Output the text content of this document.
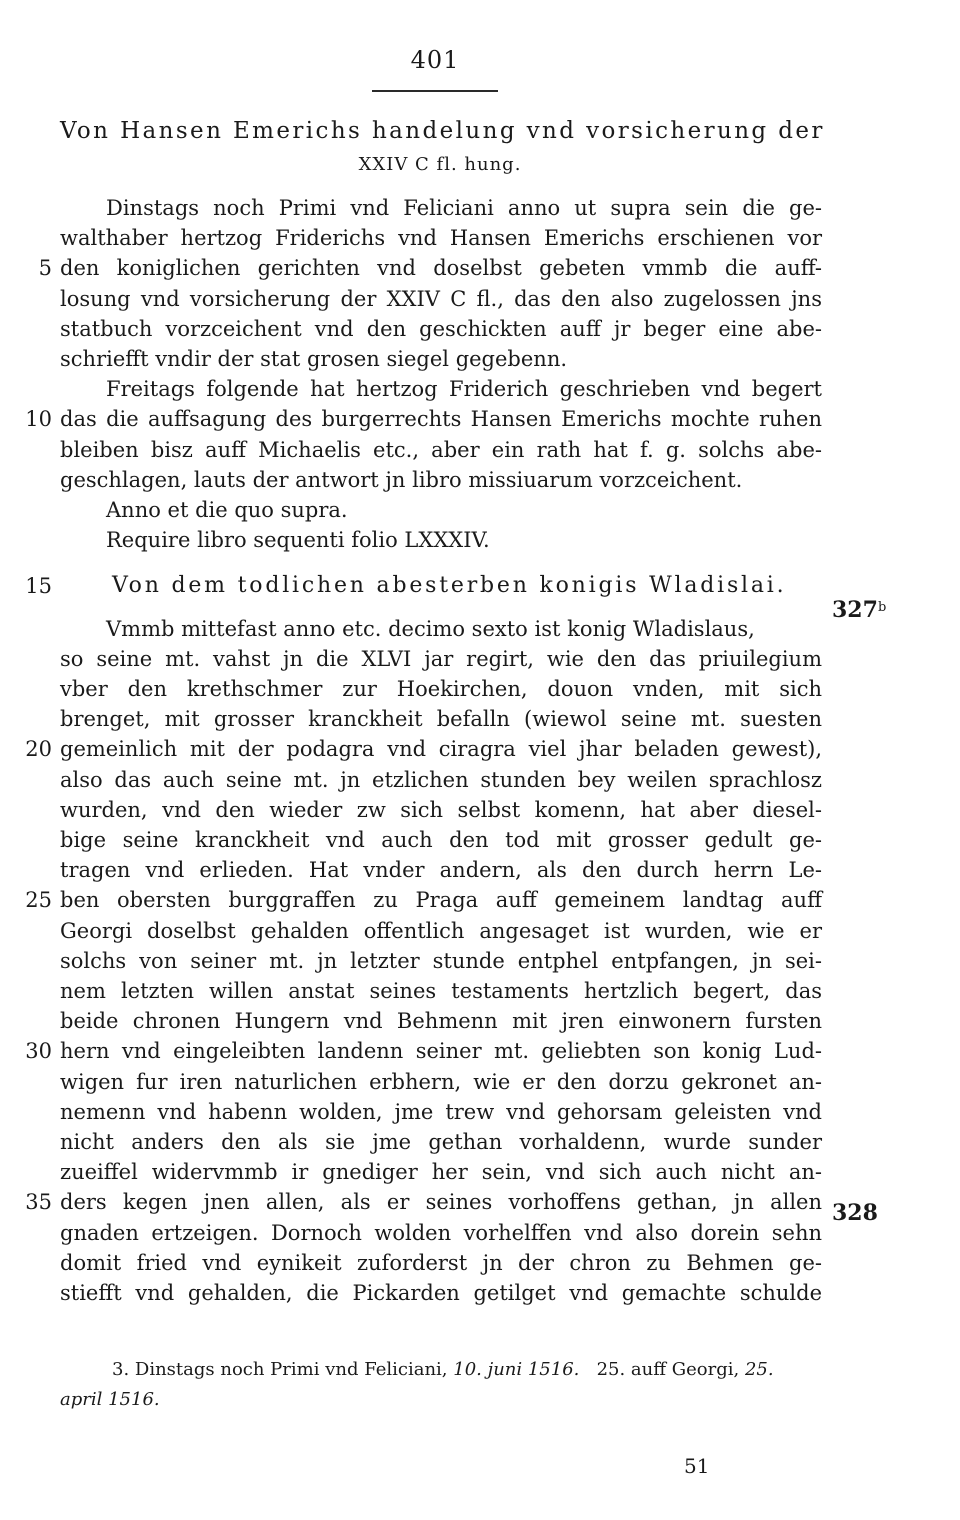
401
Von Hansen Emerichs handelung vnd vorsicherung der
XXIV C fl. hung.
Dinstags noch Primi vnd Feliciani anno ut supra sein die ge-
walthaber hertzog Friderichs vnd Hansen Emerichs erschienen vor
den koniglichen gerichten vnd doselbst gebeten vmmb die auff-
5
losung vnd vorsicherung der XXIV C fl., das den also zugelossen jns
statbuch vorzceichent vnd den geschickten auff jr beger eine abe-
schriefft vndir der stat grosen siegel gegebenn.
Freitags folgende hat hertzog Friderich geschrieben vnd begert
das die auffsagung des burgerrechts Hansen Emerichs mochte ruhen
10
bleiben bisz auff Michaelis etc., aber ein rath hat f. g. solchs abe-
geschlagen, lauts der antwort jn libro missiuarum vorzceichent.
Anno et die quo supra.
Require libro sequenti folio LXXXIV.
Von dem todlichen abesterben konigis Wladislai.
15
Vmmb mittefast anno etc. decimo sexto ist konig Wladislaus,
so seine mt. vahst jn die XLVI jar regirt, wie den das priuilegium
vber den krethschmer zur Hoekirchen, douon vnden, mit sich
brenget, mit grosser kranckheit befalln (wiewol seine mt. suesten
gemeinlich mit der podagra vnd ciragra viel jhar beladen gewest),
20
also das auch seine mt. jn etzlichen stunden bey weilen sprachlosz
wurden, vnd den wieder zw sich selbst komenn, hat aber diesel-
bige seine kranckheit vnd auch den tod mit grosser gedult ge-
tragen vnd erlieden. Hat vnder andern, als den durch herrn Le-
ben obersten burggraffen zu Praga auff gemeinem landtag auff
25
Georgi doselbst gehalden offentlich angesaget ist wurden, wie er
solchs von seiner mt. jn letzter stunde entphel entpfangen, jn sei-
nem letzten willen anstat seines testaments hertzlich begert, das
beide chronen Hungern vnd Behmenn mit jren einwonern fursten
hern vnd eingeleibten landenn seiner mt. geliebten son konig Lud-
30
wigen fur iren naturlichen erbhern, wie er den dorzu gekronet an-
nemenn vnd habenn wolden, jme trew vnd gehorsam geleisten vnd
nicht anders den als sie jme gethan vorhaldenn, wurde sunder
zueiffel widervmmb ir gnediger her sein, vnd sich auch nicht an-
ders kegen jnen allen, als er seines vorhoffens gethan, jn allen
35
gnaden ertzeigen. Dornoch wolden vorhelffen vnd also dorein sehn
domit fried vnd eynikeit zuforderst jn der chron zu Behmen ge-
stiefft vnd gehalden, die Pickarden getilget vnd gemachte schulde
327$^b$
328
3. Dinstags noch Primi vnd Feliciani, 10. juni 1516. 25. auff Georgi, 25.
april 1516.
51
